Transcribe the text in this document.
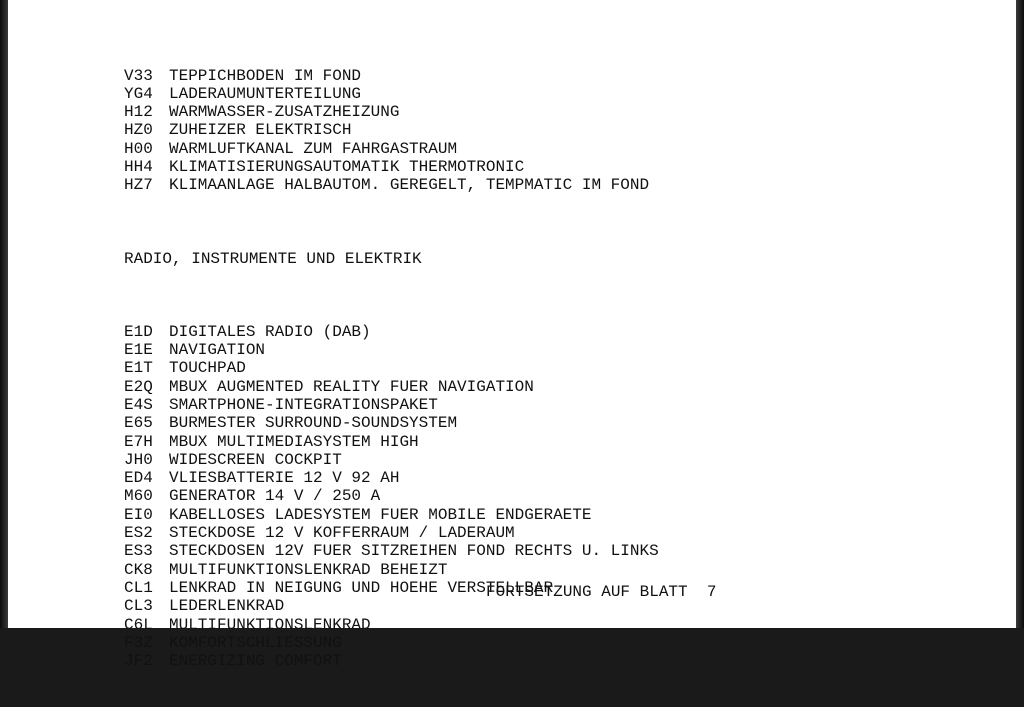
V33 TEPPICHBODEN IM FOND
YG4 LADERAUMUNTERTEILUNG
H12 WARMWASSER-ZUSATZHEIZUNG
HZ0 ZUHEIZER ELEKTRISCH
H00 WARMLUFTKANAL ZUM FAHRGASTRAUM
HH4 KLIMATISIERUNGSAUTOMATIK THERMOTRONIC
HZ7 KLIMAANLAGE HALBAUTOM. GEREGELT, TEMPMATIC IM FOND

RADIO, INSTRUMENTE UND ELEKTRIK

E1D DIGITALES RADIO (DAB)
E1E NAVIGATION
E1T TOUCHPAD
E2Q MBUX AUGMENTED REALITY FUER NAVIGATION
E4S SMARTPHONE-INTEGRATIONSPAKET
E65 BURMESTER SURROUND-SOUNDSYSTEM
E7H MBUX MULTIMEDIASYSTEM HIGH
JH0 WIDESCREEN COCKPIT
ED4 VLIESBATTERIE 12 V 92 AH
M60 GENERATOR 14 V / 250 A
EI0 KABELLOSES LADESYSTEM FUER MOBILE ENDGERAETE
ES2 STECKDOSE 12 V KOFFERRAUM / LADERAUM
ES3 STECKDOSEN 12V FUER SITZREIHEN FOND RECHTS U. LINKS
CK8 MULTIFUNKTIONSLENKRAD BEHEIZT
CL1 LENKRAD IN NEIGUNG UND HOEHE VERSTELLBAR
CL3 LEDERLENKRAD
C6L MULTIFUNKTIONSLENKRAD
F3Z KOMFORTSCHLIESSUNG
JF2 ENERGIZING COMFORT

FORTSETZUNG AUF BLATT  7
